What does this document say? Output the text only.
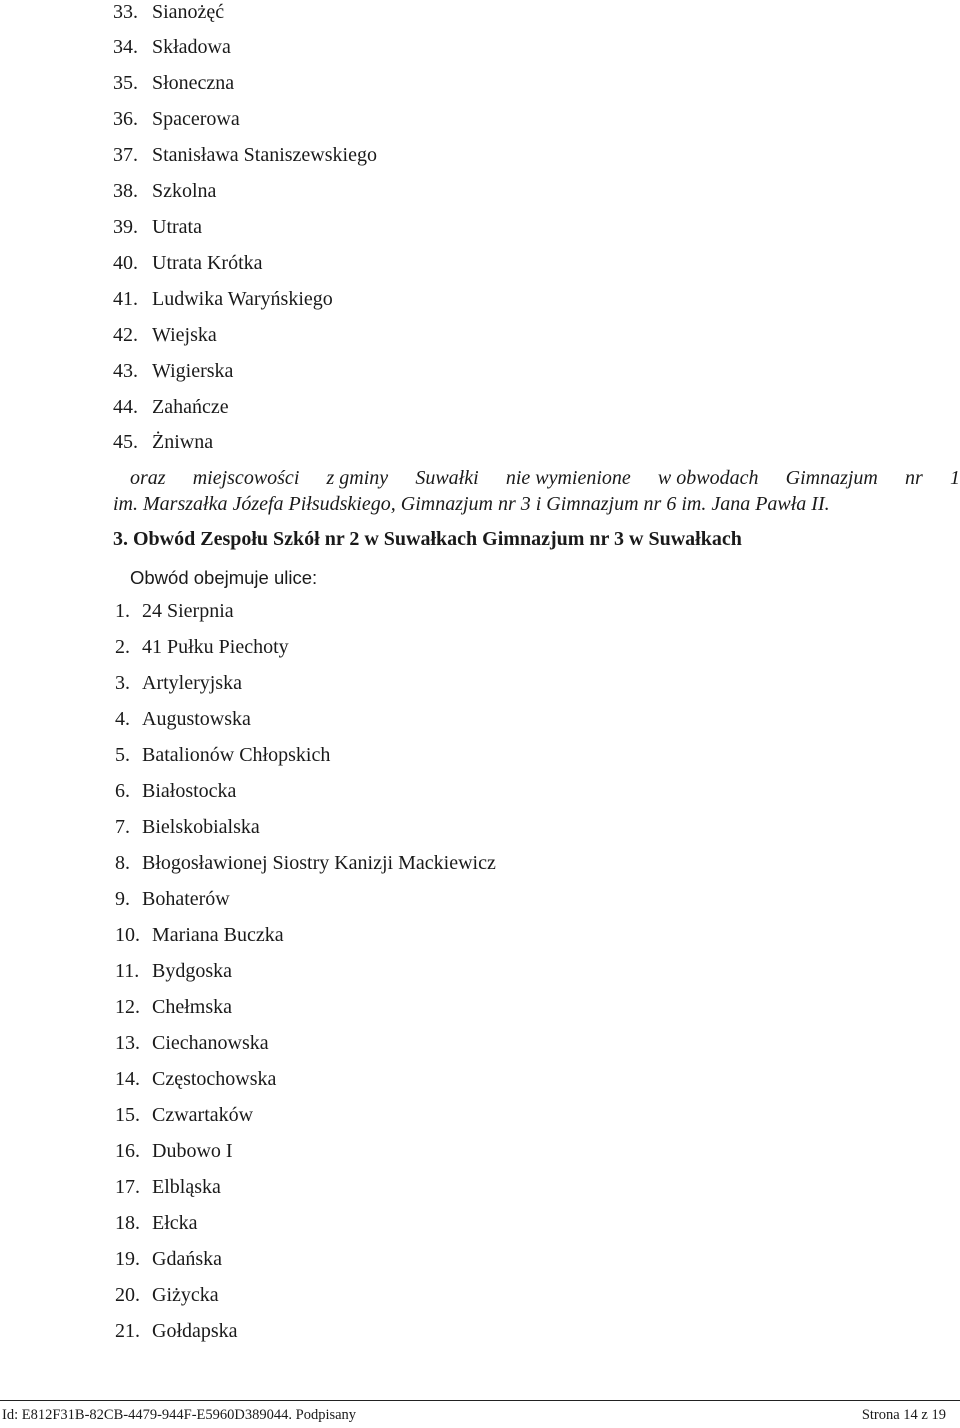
33. Sianożęć
34. Składowa
35. Słoneczna
36. Spacerowa
37. Stanisława Staniszewskiego
38. Szkolna
39. Utrata
40. Utrata Krótka
41. Ludwika Waryńskiego
42. Wiejska
43. Wigierska
44. Zahańcze
45. Żniwna
oraz miejscowości z gminy Suwałki nie wymienione w obwodach Gimnazjum nr 1

im. Marszałka Józefa Piłsudskiego, Gimnazjum nr 3 i Gimnazjum nr 6 im. Jana Pawła II.

3. Obwód Zespołu Szkół nr 2 w Suwałkach Gimnazjum nr 3 w Suwałkach

Obwód obejmuje ulice:

1. 24 Sierpnia
2. 41 Pułku Piechoty
3. Artyleryjska
4. Augustowska
5. Batalionów Chłopskich
6. Białostocka
7. Bielskobialska
8. Błogosławionej Siostry Kanizji Mackiewicz
9. Bohaterów
10. Mariana Buczka
11. Bydgoska
12. Chełmska
13. Ciechanowska
14. Częstochowska
15. Czwartaków
16. Dubowo I
17. Elbląska
18. Ełcka
19. Gdańska
20. Giżycka
21. Gołdapska
Id: E812F31B-82CB-4479-944F-E5960D389044. Podpisany	Strona 14 z 19
